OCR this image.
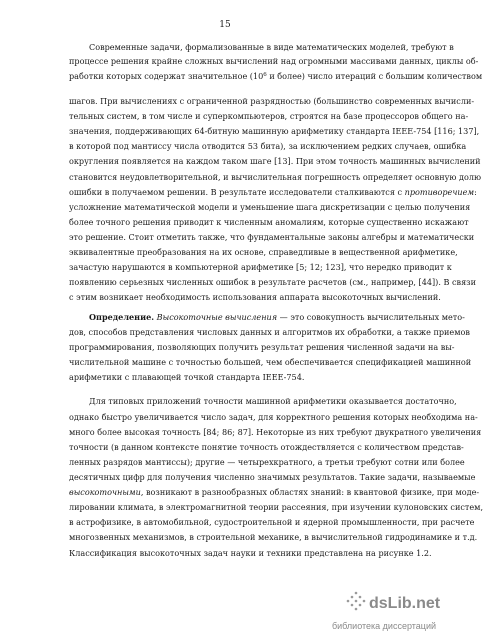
15

Современные задачи, формализованные в виде математических моделей, требуют в

процессе решения крайне сложных вычислений над огромными массивами данных, циклы об-

работки которых содержат значительное ($10^6$ и более) число итераций с большим количеством

шагов. При вычислениях с ограниченной разрядностью (большинство современных вычисли-

тельных систем, в том числе и суперкомпьютеров, строятся на базе процессоров общего на-

значения, поддерживающих 64-битную машинную арифметику стандарта IEEE-754 [116; 137],

в которой под мантиссу числа отводится 53 бита), за исключением редких случаев, ошибка

округления появляется на каждом таком шаге [13]. При этом точность машинных вычислений

становится неудовлетворительной, и вычислительная погрешность определяет основную долю

ошибки в получаемом решении. В результате исследователи сталкиваются с противоречием:

усложнение математической модели и уменьшение шага дискретизации с целью получения

более точного решения приводит к численным аномалиям, которые существенно искажают

это решение. Стоит отметить также, что фундаментальные законы алгебры и математически

эквивалентные преобразования на их основе, справедливые в вещественной арифметике,

зачастую нарушаются в компьютерной арифметике [5; 12; 123], что нередко приводит к

появлению серьезных численных ошибок в результате расчетов (см., например, [44]). В связи

с этим возникает необходимость использования аппарата высокоточных вычислений.

Определение. Высокоточные вычисления — это совокупность вычислительных мето-

дов, способов представления числовых данных и алгоритмов их обработки, а также приемов

программирования, позволяющих получить результат решения численной задачи на вы-

числительной машине с точностью большей, чем обеспечивается спецификацией машинной

арифметики с плавающей точкой стандарта IEEE-754.

Для типовых приложений точности машинной арифметики оказывается достаточно,

однако быстро увеличивается число задач, для корректного решения которых необходима на-

много более высокая точность [84; 86; 87]. Некоторые из них требуют двукратного увеличения

точности (в данном контексте понятие точность отождествляется с количеством представ-

ленных разрядов мантиссы); другие — четырехкратного, а третьи требуют сотни или более

десятичных цифр для получения численно значимых результатов. Такие задачи, называемые

высокоточными, возникают в разнообразных областях знаний: в квантовой физике, при моде-

лировании климата, в электромагнитной теории рассеяния, при изучении кулоновских систем,

в астрофизике, в автомобильной, судостроительной и ядерной промышленности, при расчете

многозвенных механизмов, в строительной механике, в вычислительной гидродинамике и т.д.

Классификация высокоточных задач науки и техники представлена на рисунке 1.2.

dsLib.net
библиотека диссертаций
